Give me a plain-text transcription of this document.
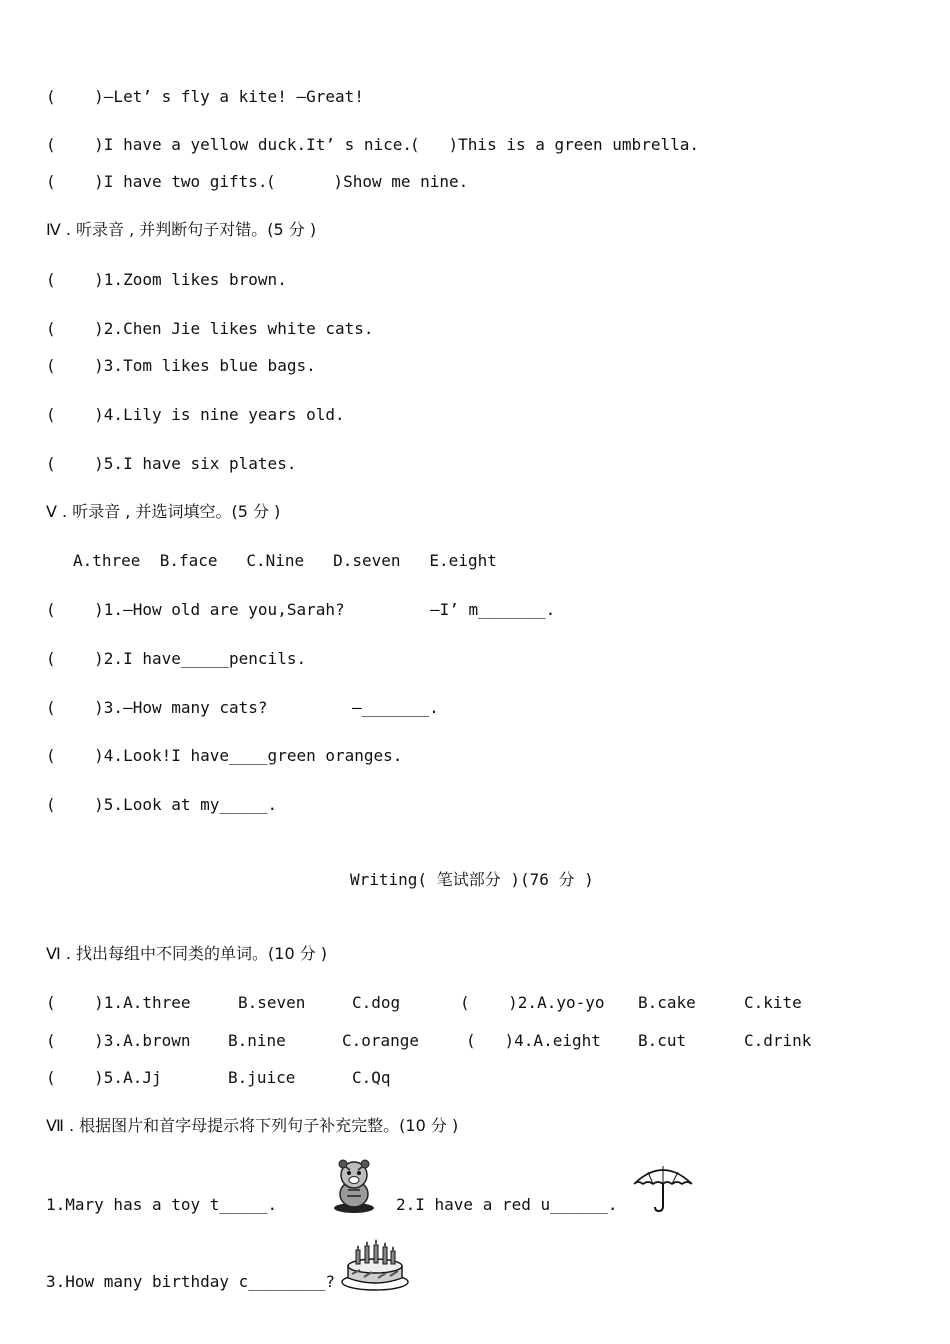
(    )—Let’ s fly a kite! —Great!
(    )I have a yellow duck.It’ s nice.
(   )This is a green umbrella.
(    )I have two gifts.
(      )Show me nine.
Ⅳ . 听录音 , 并判断句子对错。(5 分 )
(    )1.Zoom likes brown.
(    )2.Chen Jie likes white cats.
(    )3.Tom likes blue bags.
(    )4.Lily is nine years old.
(    )5.I have six plates.
Ⅴ . 听录音 , 并选词填空。(5 分 )
A.three  B.face   C.Nine   D.seven   E.eight
(    )1.—How old are you,Sarah?	—I’ m_______.
(    )2.I have_____pencils.
(    )3.—How many cats?	—_______.
(    )4.Look!I have____green oranges.
(    )5.Look at my_____.
Writing( 笔试部分 )(76 分 )
Ⅵ . 找出每组中不同类的单词。(10 分 )
(    )1.A.three	B.seven	C.dog	(    )2.A.yo-yo B.cake	C.kite
(    )3.A.brown B.nine	C.orange	(   )4.A.eight B.cut	C.drink
(    )5.A.Jj	B.juice	C.Qq
Ⅶ . 根据图片和首字母提示将下列句子补充完整。(10 分 )
1.Mary has a toy t_____.	2.I have a red u______.
3.How many birthday c________?
